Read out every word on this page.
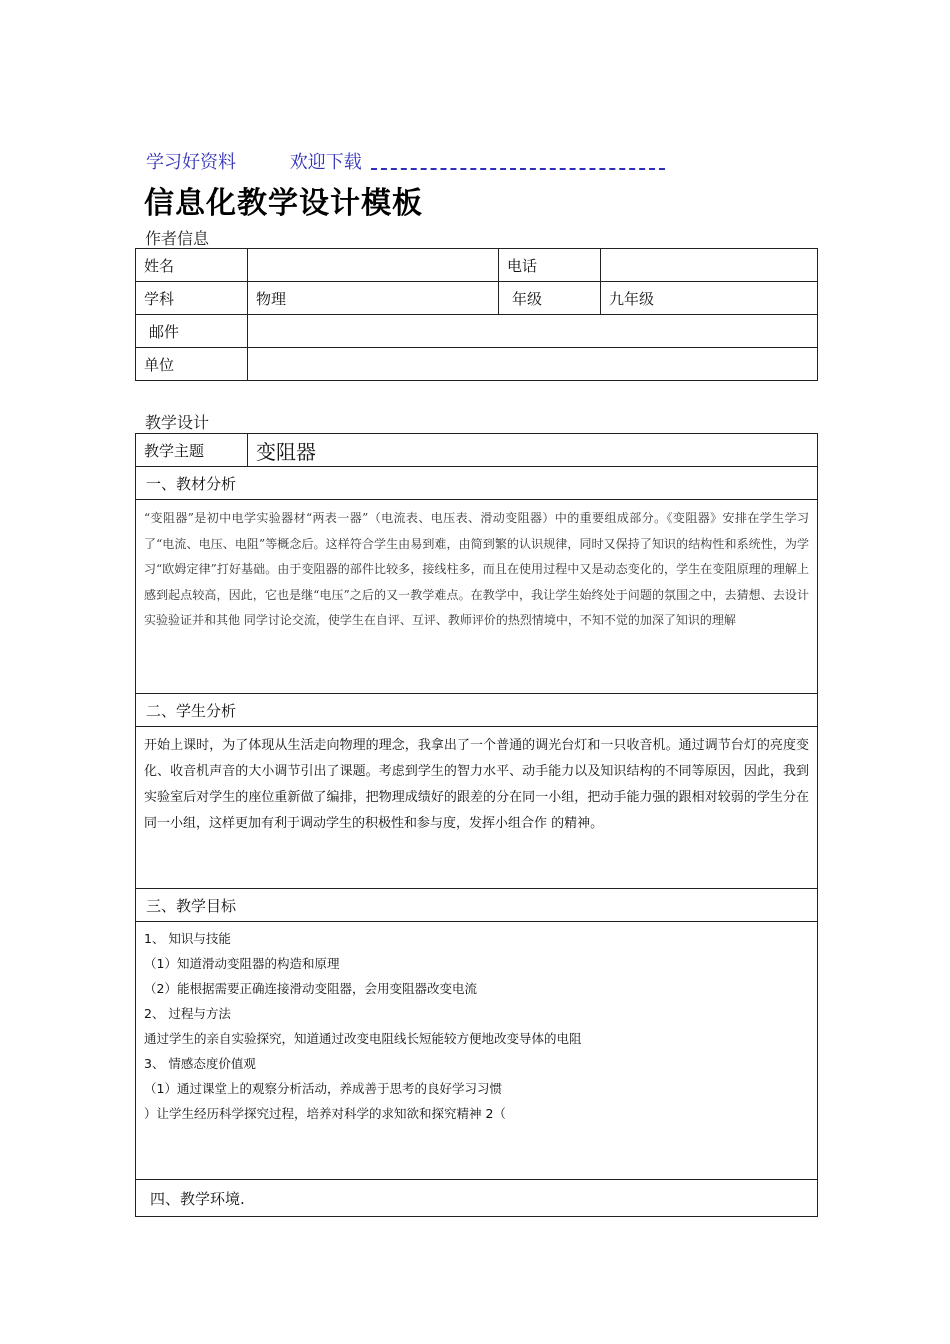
学习好资料	欢迎下载
信息化教学设计模板
作者信息
姓名		电话	
学科	物理	年级	九年级
邮件			
单位			
教学设计
教学主题	变阻器
一、教材分析
“变阻器”是初中电学实验器材“两表一器”（电流表、电压表、滑动变阻器）中的重要组成部分。《变阻器》安排在学生学习了“电流、电压、电阻”等概念后。这样符合学生由易到难，由简到繁的认识规律，同时又保持了知识的结构性和系统性，为学习“欧姆定律”打好基础。由于变阻器的部件比较多，接线柱多，而且在使用过程中又是动态变化的，学生在变阻原理的理解上感到起点较高，因此，它也是继“电压”之后的又一教学难点。在教学中，我让学生始终处于问题的氛围之中，去猜想、去设计实验验证并和其他 同学讨论交流，使学生在自评、互评、教师评价的热烈情境中，不知不觉的加深了知识的理解
二、学生分析
开始上课时，为了体现从生活走向物理的理念，我拿出了一个普通的调光台灯和一只收音机。通过调节台灯的亮度变化、收音机声音的大小调节引出了课题。考虑到学生的智力水平、动手能力以及知识结构的不同等原因，因此，我到实验室后对学生的座位重新做了编排，把物理成绩好的跟差的分在同一小组，把动手能力强的跟相对较弱的学生分在同一小组，这样更加有利于调动学生的积极性和参与度，发挥小组合作 的精神。
三、教学目标

1、 知识与技能
（1）知道滑动变阻器的构造和原理
（2）能根据需要正确连接滑动变阻器，会用变阻器改变电流
2、 过程与方法
通过学生的亲自实验探究，知道通过改变电阻线长短能较方便地改变导体的电阻
3、 情感态度价值观
（1）通过课堂上的观察分析活动，养成善于思考的良好学习习惯
）让学生经历科学探究过程，培养对科学的求知欲和探究精神 2（

四、教学环境.
